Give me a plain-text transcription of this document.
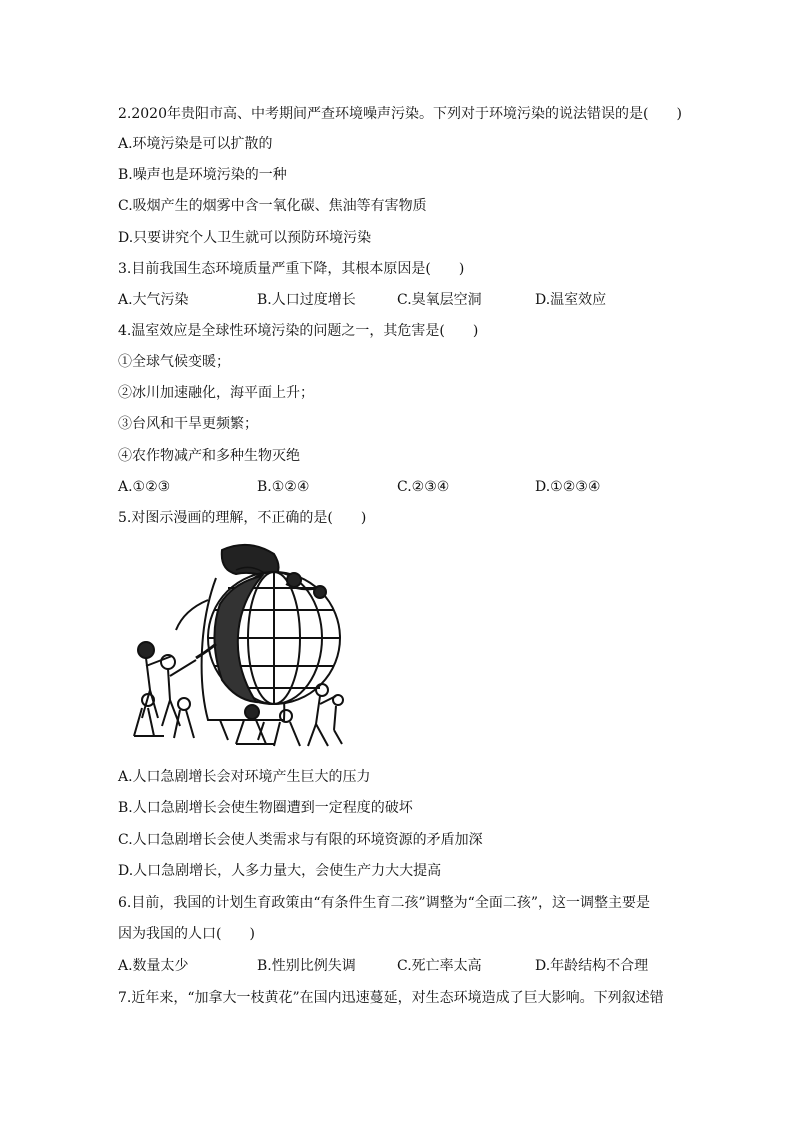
2.2020年贵阳市高、中考期间严查环境噪声污染。下列对于环境污染的说法错误的是(　　)
A.环境污染是可以扩散的
B.噪声也是环境污染的一种
C.吸烟产生的烟雾中含一氧化碳、焦油等有害物质
D.只要讲究个人卫生就可以预防环境污染
3.目前我国生态环境质量严重下降，其根本原因是(　　)
A.大气污染	B.人口过度增长	C.臭氧层空洞	D.温室效应
4.温室效应是全球性环境污染的问题之一，其危害是(　　)
①全球气候变暖；
②冰川加速融化，海平面上升；
③台风和干旱更频繁；
④农作物减产和多种生物灭绝
A.①②③	B.①②④	C.②③④	D.①②③④
5.对图示漫画的理解，不正确的是(　　)
A.人口急剧增长会对环境产生巨大的压力
B.人口急剧增长会使生物圈遭到一定程度的破坏
C.人口急剧增长会使人类需求与有限的环境资源的矛盾加深
D.人口急剧增长，人多力量大，会使生产力大大提高
6.目前，我国的计划生育政策由“有条件生育二孩”调整为“全面二孩”，这一调整主要是
因为我国的人口(　　)
A.数量太少	B.性别比例失调	C.死亡率太高	D.年龄结构不合理
7.近年来，“加拿大一枝黄花”在国内迅速蔓延，对生态环境造成了巨大影响。下列叙述错
